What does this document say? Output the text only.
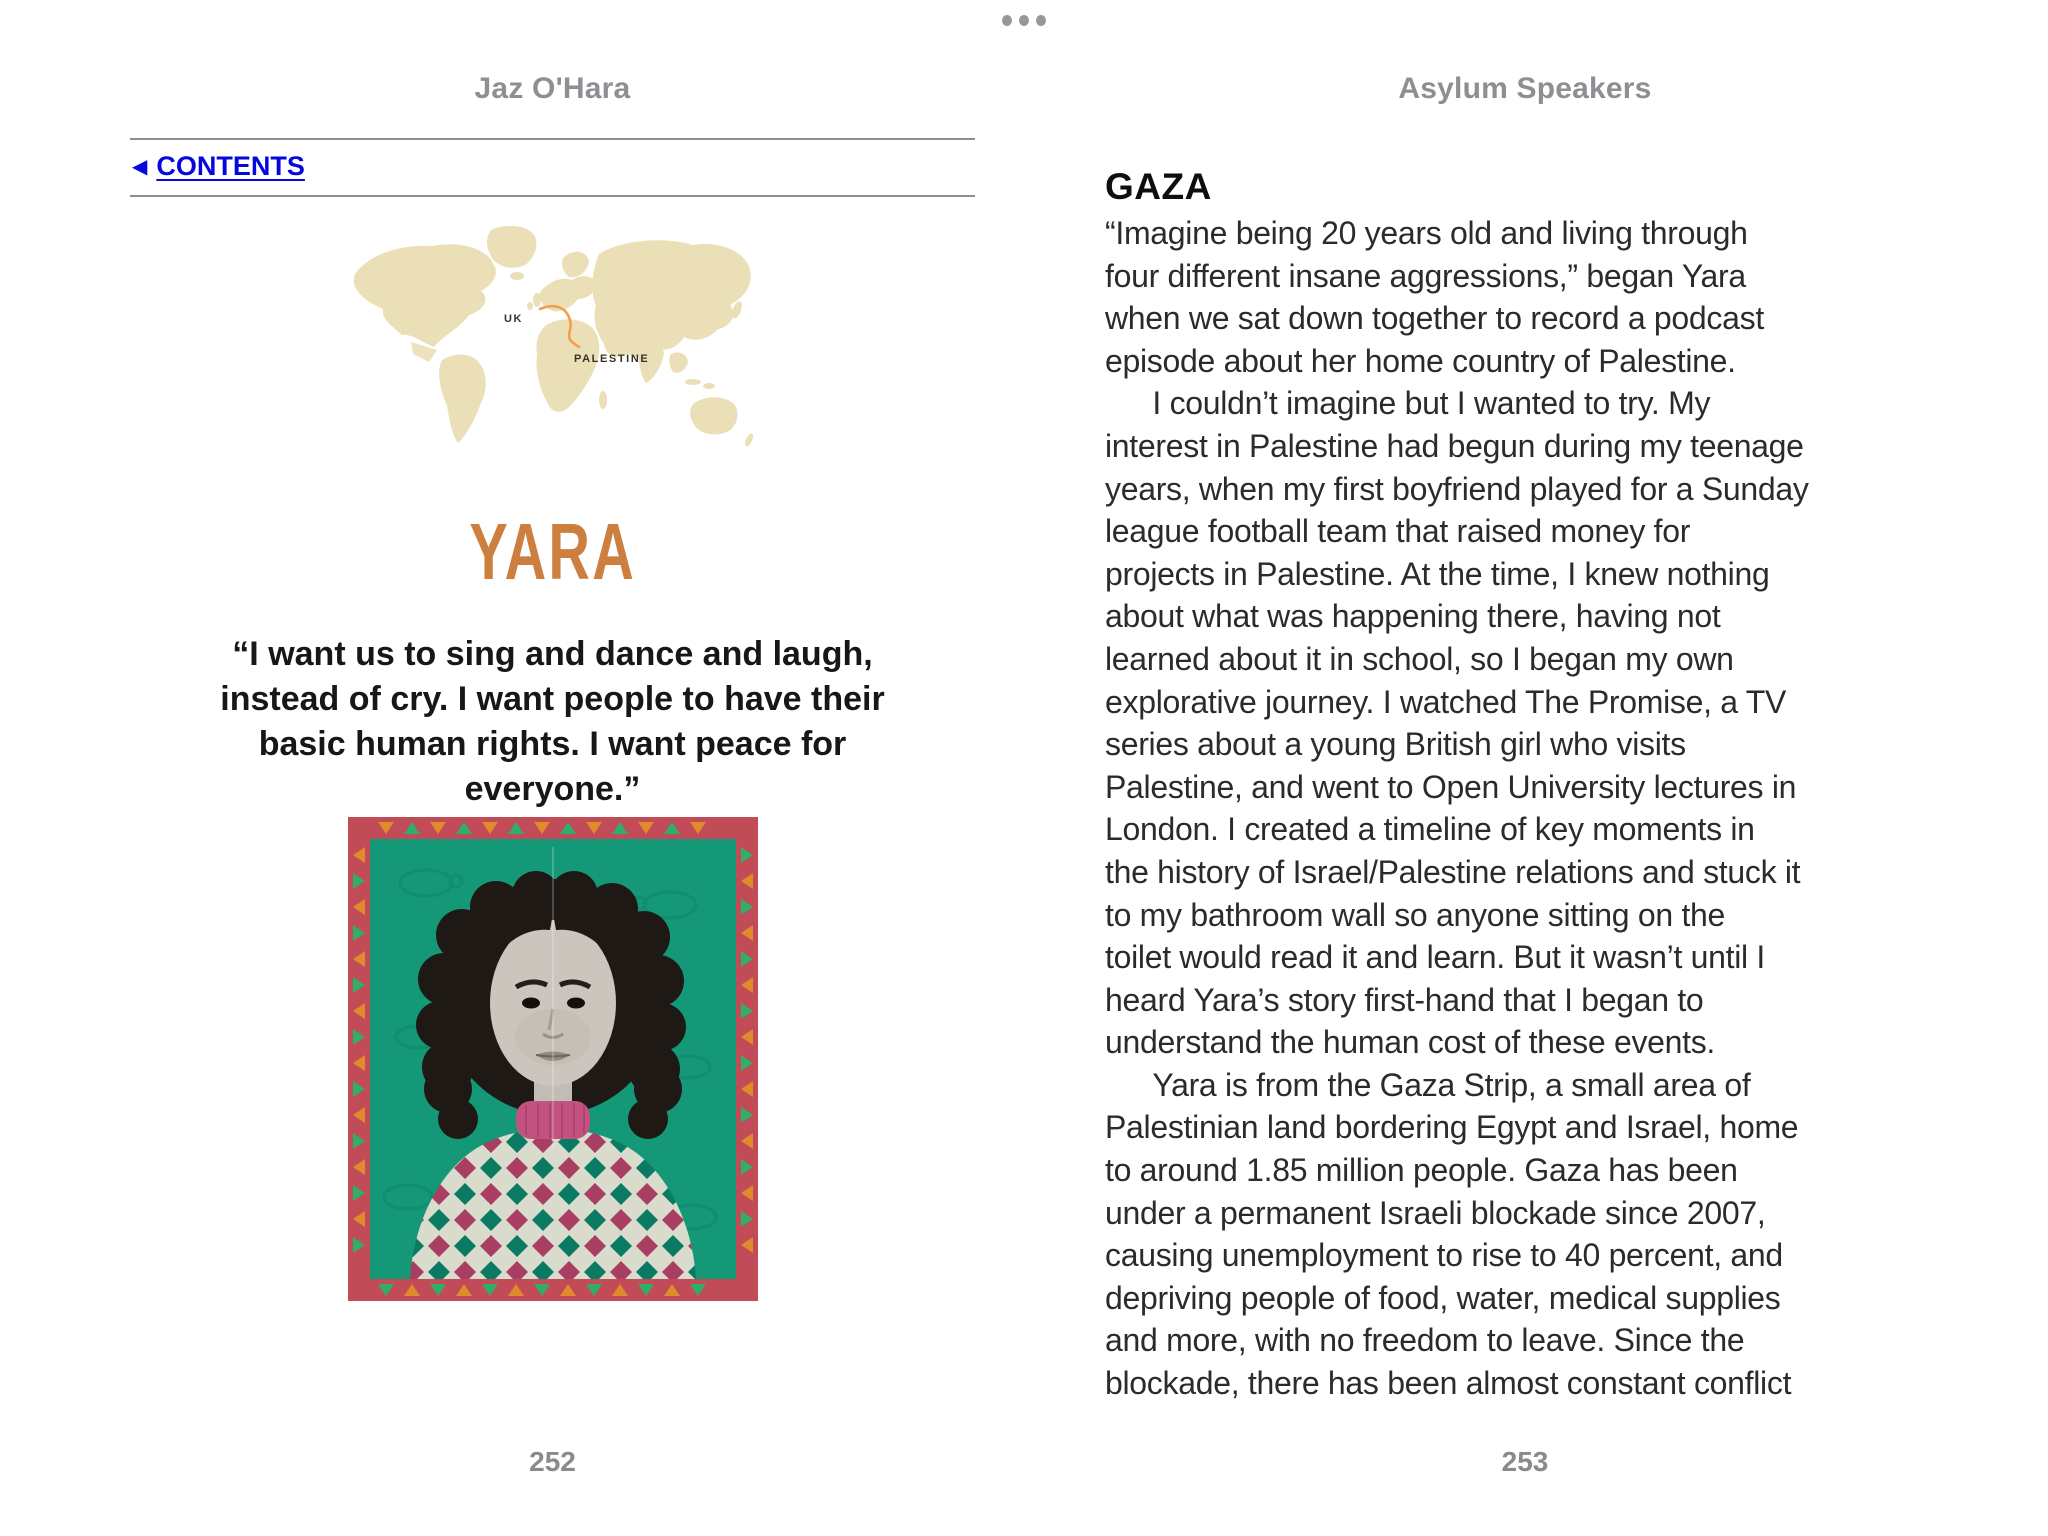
Jaz O'Hara
◀ CONTENTS
UK
PALESTINE
YARA
“I want us to sing and dance and laugh,
instead of cry. I want people to have their
basic human rights. I want peace for
everyone.”
252
Asylum Speakers
GAZA
“Imagine being 20 years old and living through
four different insane aggressions,” began Yara
when we sat down together to record a podcast
episode about her home country of Palestine.
  I couldn’t imagine but I wanted to try. My
interest in Palestine had begun during my teenage
years, when my first boyfriend played for a Sunday
league football team that raised money for
projects in Palestine. At the time, I knew nothing
about what was happening there, having not
learned about it in school, so I began my own
explorative journey. I watched The Promise, a TV
series about a young British girl who visits
Palestine, and went to Open University lectures in
London. I created a timeline of key moments in
the history of Israel/Palestine relations and stuck it
to my bathroom wall so anyone sitting on the
toilet would read it and learn. But it wasn’t until I
heard Yara’s story first-hand that I began to
understand the human cost of these events.
  Yara is from the Gaza Strip, a small area of
Palestinian land bordering Egypt and Israel, home
to around 1.85 million people. Gaza has been
under a permanent Israeli blockade since 2007,
causing unemployment to rise to 40 percent, and
depriving people of food, water, medical supplies
and more, with no freedom to leave. Since the
blockade, there has been almost constant conflict
253
